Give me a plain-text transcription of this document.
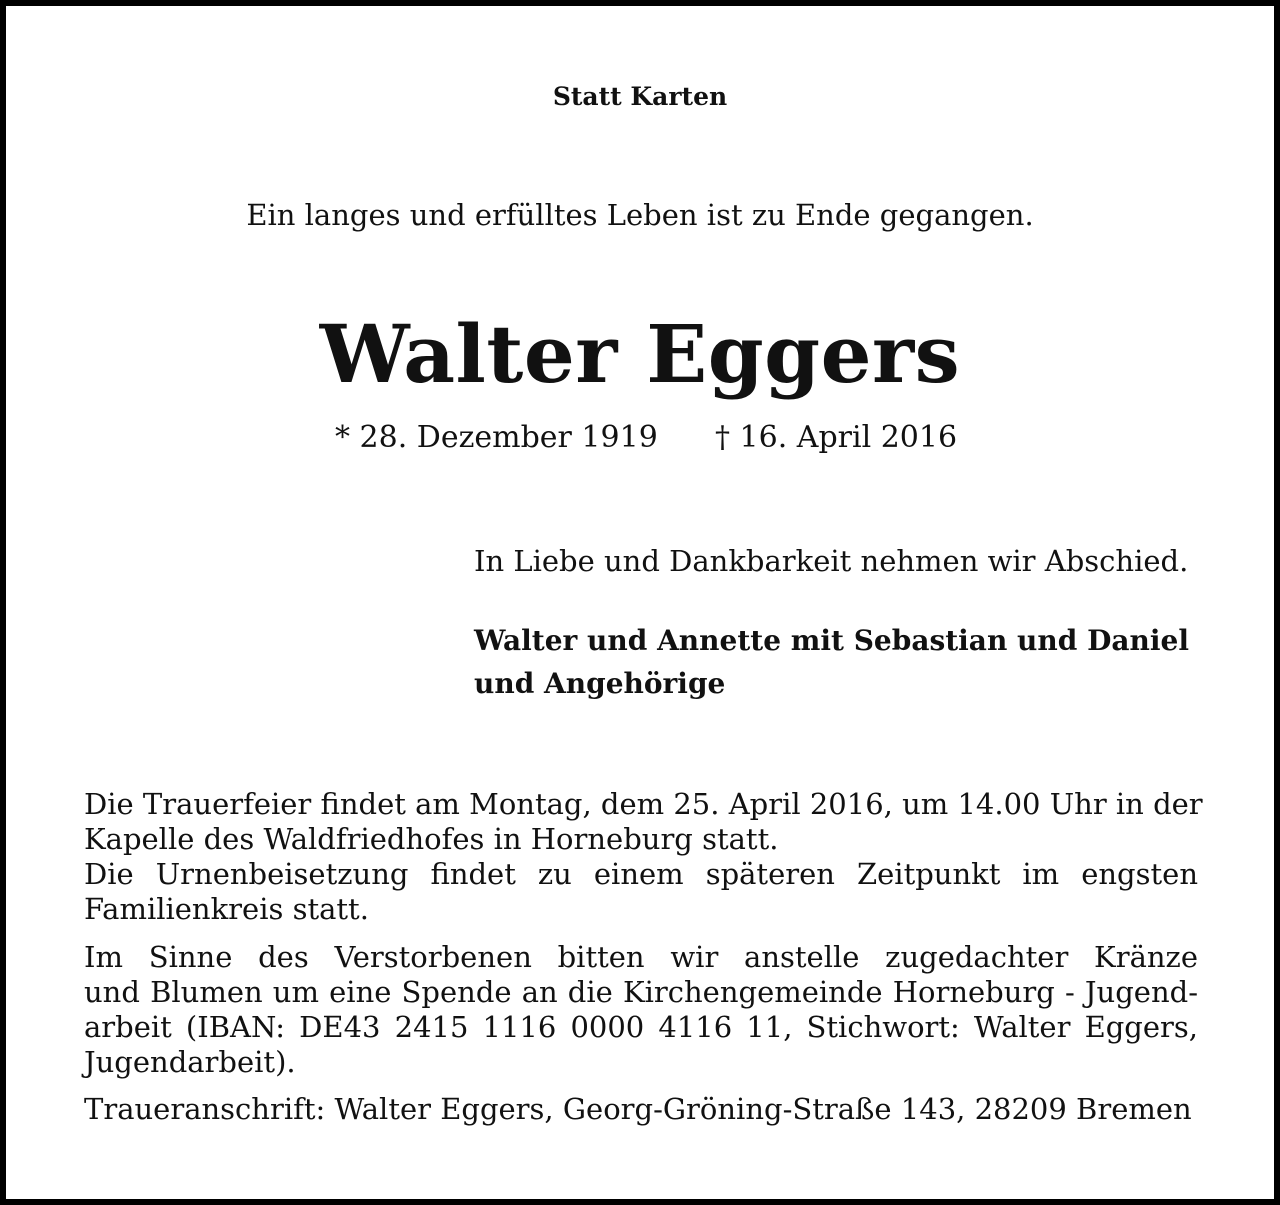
Statt Karten
Ein langes und erfülltes Leben ist zu Ende gegangen.
Walter Eggers
* 28. Dezember 1919 † 16. April 2016
In Liebe und Dankbarkeit nehmen wir Abschied.
Walter und Annette mit Sebastian und Daniel
und Angehörige
Die Trauerfeier findet am Montag, dem 25. April 2016, um 14.00 Uhr in der
Kapelle des Waldfriedhofes in Horneburg statt.
Die Urnenbeisetzung findet zu einem späteren Zeitpunkt im engsten
Familienkreis statt.
Im Sinne des Verstorbenen bitten wir anstelle zugedachter Kränze
und Blumen um eine Spende an die Kirchengemeinde Horneburg - Jugend-
arbeit (IBAN: DE43 2415 1116 0000 4116 11, Stichwort: Walter Eggers,
Jugendarbeit).
Traueranschrift: Walter Eggers, Georg-Gröning-Straße 143, 28209 Bremen
